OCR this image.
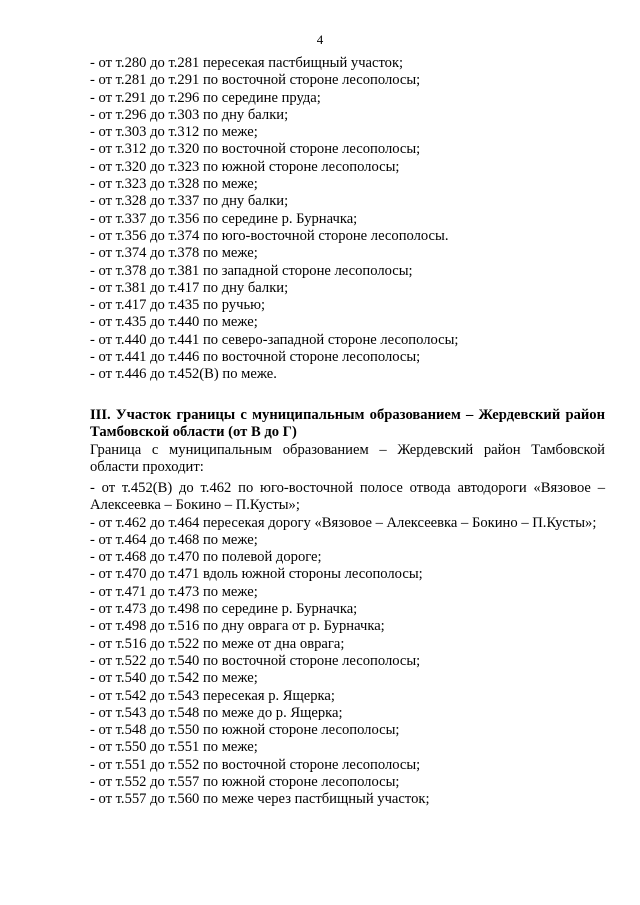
4
- от т.280 до т.281 пересекая пастбищный участок;
- от т.281 до т.291 по восточной стороне лесополосы;
- от т.291 до т.296 по середине пруда;
- от т.296 до т.303 по дну балки;
- от т.303 до т.312 по меже;
- от т.312 до т.320 по восточной стороне лесополосы;
- от т.320 до т.323 по южной стороне лесополосы;
- от т.323 до т.328 по меже;
- от т.328 до т.337 по дну балки;
- от т.337 до т.356 по середине р. Бурначка;
- от т.356 до т.374 по юго-восточной стороне лесополосы.
- от т.374 до т.378 по меже;
- от т.378 до т.381 по западной стороне лесополосы;
- от т.381 до т.417 по дну балки;
- от т.417 до т.435 по ручью;
- от т.435 до т.440 по меже;
- от т.440 до т.441 по северо-западной стороне лесополосы;
- от т.441 до т.446 по восточной стороне лесополосы;
- от т.446 до т.452(В) по меже.

III. Участок границы с муниципальным образованием – Жердевский район Тамбовской области (от В до Г)

Граница с муниципальным образованием – Жердевский район Тамбовской области проходит:

- от т.452(В) до т.462 по юго-восточной полосе отвода автодороги «Вязовое – Алексеевка – Бокино – П.Кусты»;
- от т.462 до т.464 пересекая дорогу «Вязовое – Алексеевка – Бокино – П.Кусты»;
- от т.464 до т.468 по меже;
- от т.468 до т.470 по полевой дороге;
- от т.470 до т.471 вдоль южной стороны лесополосы;
- от т.471 до т.473 по меже;
- от т.473 до т.498 по середине р. Бурначка;
- от т.498 до т.516 по дну оврага от р. Бурначка;
- от т.516 до т.522 по меже от дна оврага;
- от т.522 до т.540 по восточной стороне лесополосы;
- от т.540 до т.542 по меже;
- от т.542 до т.543 пересекая р. Ящерка;
- от т.543 до т.548 по меже до р. Ящерка;
- от т.548 до т.550 по южной стороне лесополосы;
- от т.550 до т.551 по меже;
- от т.551 до т.552 по восточной стороне лесополосы;
- от т.552 до т.557 по южной стороне лесополосы;
- от т.557 до т.560 по меже через пастбищный участок;
